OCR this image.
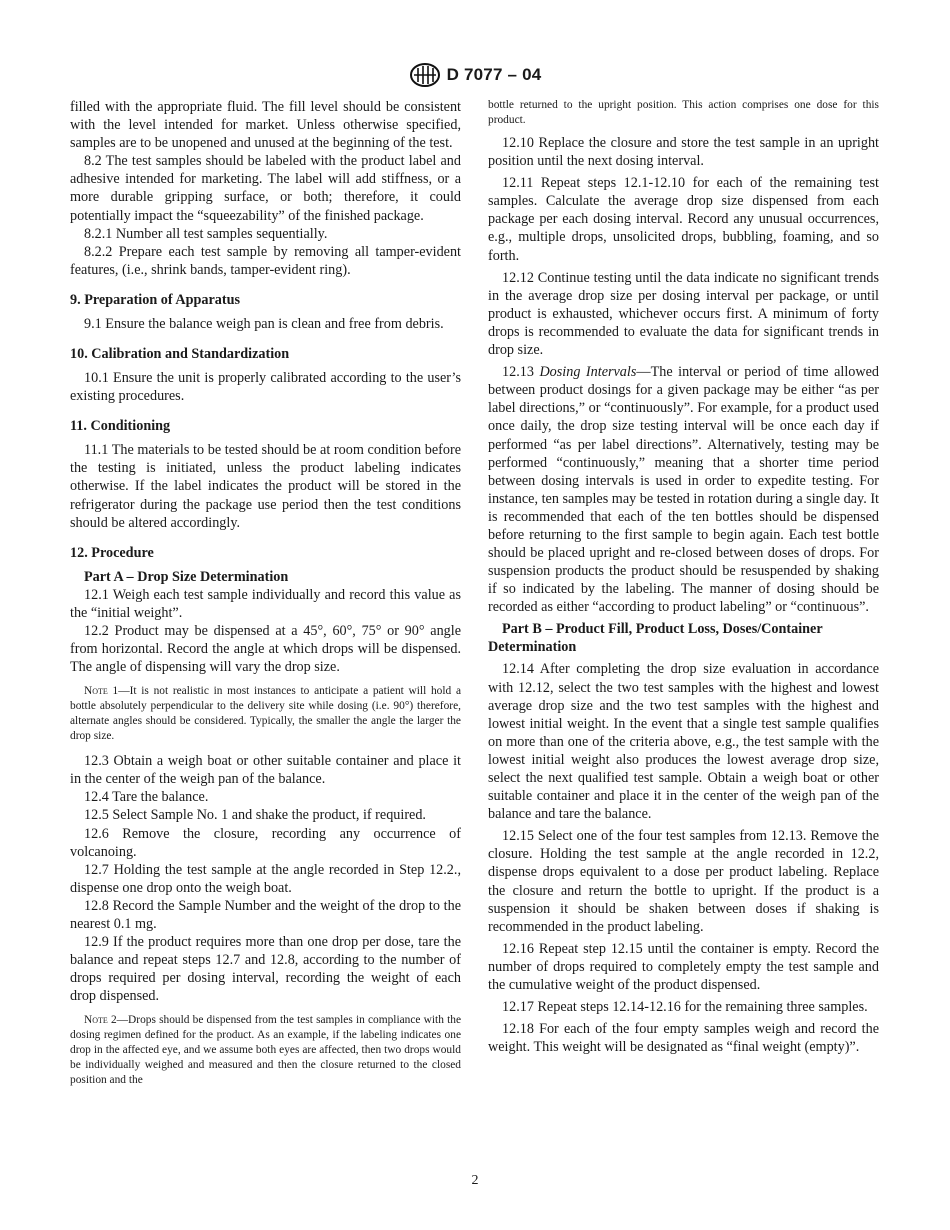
D 7077 – 04

filled with the appropriate fluid. The fill level should be consistent with the level intended for market. Unless otherwise specified, samples are to be unopened and unused at the beginning of the test.

8.2 The test samples should be labeled with the product label and adhesive intended for marketing. The label will add stiffness, or a more durable gripping surface, or both; therefore, it could potentially impact the “squeezability” of the finished package.

8.2.1 Number all test samples sequentially.

8.2.2 Prepare each test sample by removing all tamper-evident features, (i.e., shrink bands, tamper-evident ring).

9. Preparation of Apparatus

9.1 Ensure the balance weigh pan is clean and free from debris.

10. Calibration and Standardization

10.1 Ensure the unit is properly calibrated according to the user’s existing procedures.

11. Conditioning

11.1 The materials to be tested should be at room condition before the testing is initiated, unless the product labeling indicates otherwise. If the label indicates the product will be stored in the refrigerator during the package use period then the test conditions should be altered accordingly.

12. Procedure
Part A – Drop Size Determination

12.1 Weigh each test sample individually and record this value as the “initial weight”.

12.2 Product may be dispensed at a 45°, 60°, 75° or 90° angle from horizontal. Record the angle at which drops will be dispensed. The angle of dispensing will vary the drop size.

Note 1—It is not realistic in most instances to anticipate a patient will hold a bottle absolutely perpendicular to the delivery site while dosing (i.e. 90°) therefore, alternate angles should be considered. Typically, the smaller the angle the larger the drop size.

12.3 Obtain a weigh boat or other suitable container and place it in the center of the weigh pan of the balance.

12.4 Tare the balance.

12.5 Select Sample No. 1 and shake the product, if required.

12.6 Remove the closure, recording any occurrence of volcanoing.

12.7 Holding the test sample at the angle recorded in Step 12.2., dispense one drop onto the weigh boat.

12.8 Record the Sample Number and the weight of the drop to the nearest 0.1 mg.

12.9 If the product requires more than one drop per dose, tare the balance and repeat steps 12.7 and 12.8, according to the number of drops required per dosing interval, recording the weight of each drop dispensed.

Note 2—Drops should be dispensed from the test samples in compliance with the dosing regimen defined for the product. As an example, if the labeling indicates one drop in the affected eye, and we assume both eyes are affected, then two drops would be individually weighed and measured and then the closure returned to the closed position and the
bottle returned to the upright position. This action comprises one dose for this product.

12.10 Replace the closure and store the test sample in an upright position until the next dosing interval.

12.11 Repeat steps 12.1-12.10 for each of the remaining test samples. Calculate the average drop size dispensed from each package per each dosing interval. Record any unusual occurrences, e.g., multiple drops, unsolicited drops, bubbling, foaming, and so forth.

12.12 Continue testing until the data indicate no significant trends in the average drop size per dosing interval per package, or until product is exhausted, whichever occurs first. A minimum of forty drops is recommended to evaluate the data for significant trends in drop size.

12.13 Dosing Intervals—The interval or period of time allowed between product dosings for a given package may be either “as per label directions,” or “continuously”. For example, for a product used once daily, the drop size testing interval will be once each day if performed “as per label directions”. Alternatively, testing may be performed “continuously,” meaning that a shorter time period between dosing intervals is used in order to expedite testing. For instance, ten samples may be tested in rotation during a single day. It is recommended that each of the ten bottles should be dispensed before returning to the first sample to begin again. Each test bottle should be placed upright and re-closed between doses of drops. For suspension products the product should be resuspended by shaking if so indicated by the labeling. The manner of dosing should be recorded as either “according to product labeling” or “continuous”.

Part B – Product Fill, Product Loss, Doses/Container Determination

12.14 After completing the drop size evaluation in accordance with 12.12, select the two test samples with the highest and lowest average drop size and the two test samples with the highest and lowest initial weight. In the event that a single test sample qualifies on more than one of the criteria above, e.g., the test sample with the lowest initial weight also produces the lowest average drop size, select the next qualified test sample. Obtain a weigh boat or other suitable container and place it in the center of the weigh pan of the balance and tare the balance.

12.15 Select one of the four test samples from 12.13. Remove the closure. Holding the test sample at the angle recorded in 12.2, dispense drops equivalent to a dose per product labeling. Replace the closure and return the bottle to upright. If the product is a suspension it should be shaken between doses if shaking is recommended in the product labeling.

12.16 Repeat step 12.15 until the container is empty. Record the number of drops required to completely empty the test sample and the cumulative weight of the product dispensed.

12.17 Repeat steps 12.14-12.16 for the remaining three samples.

12.18 For each of the four empty samples weigh and record the weight. This weight will be designated as “final weight (empty)”.

2
